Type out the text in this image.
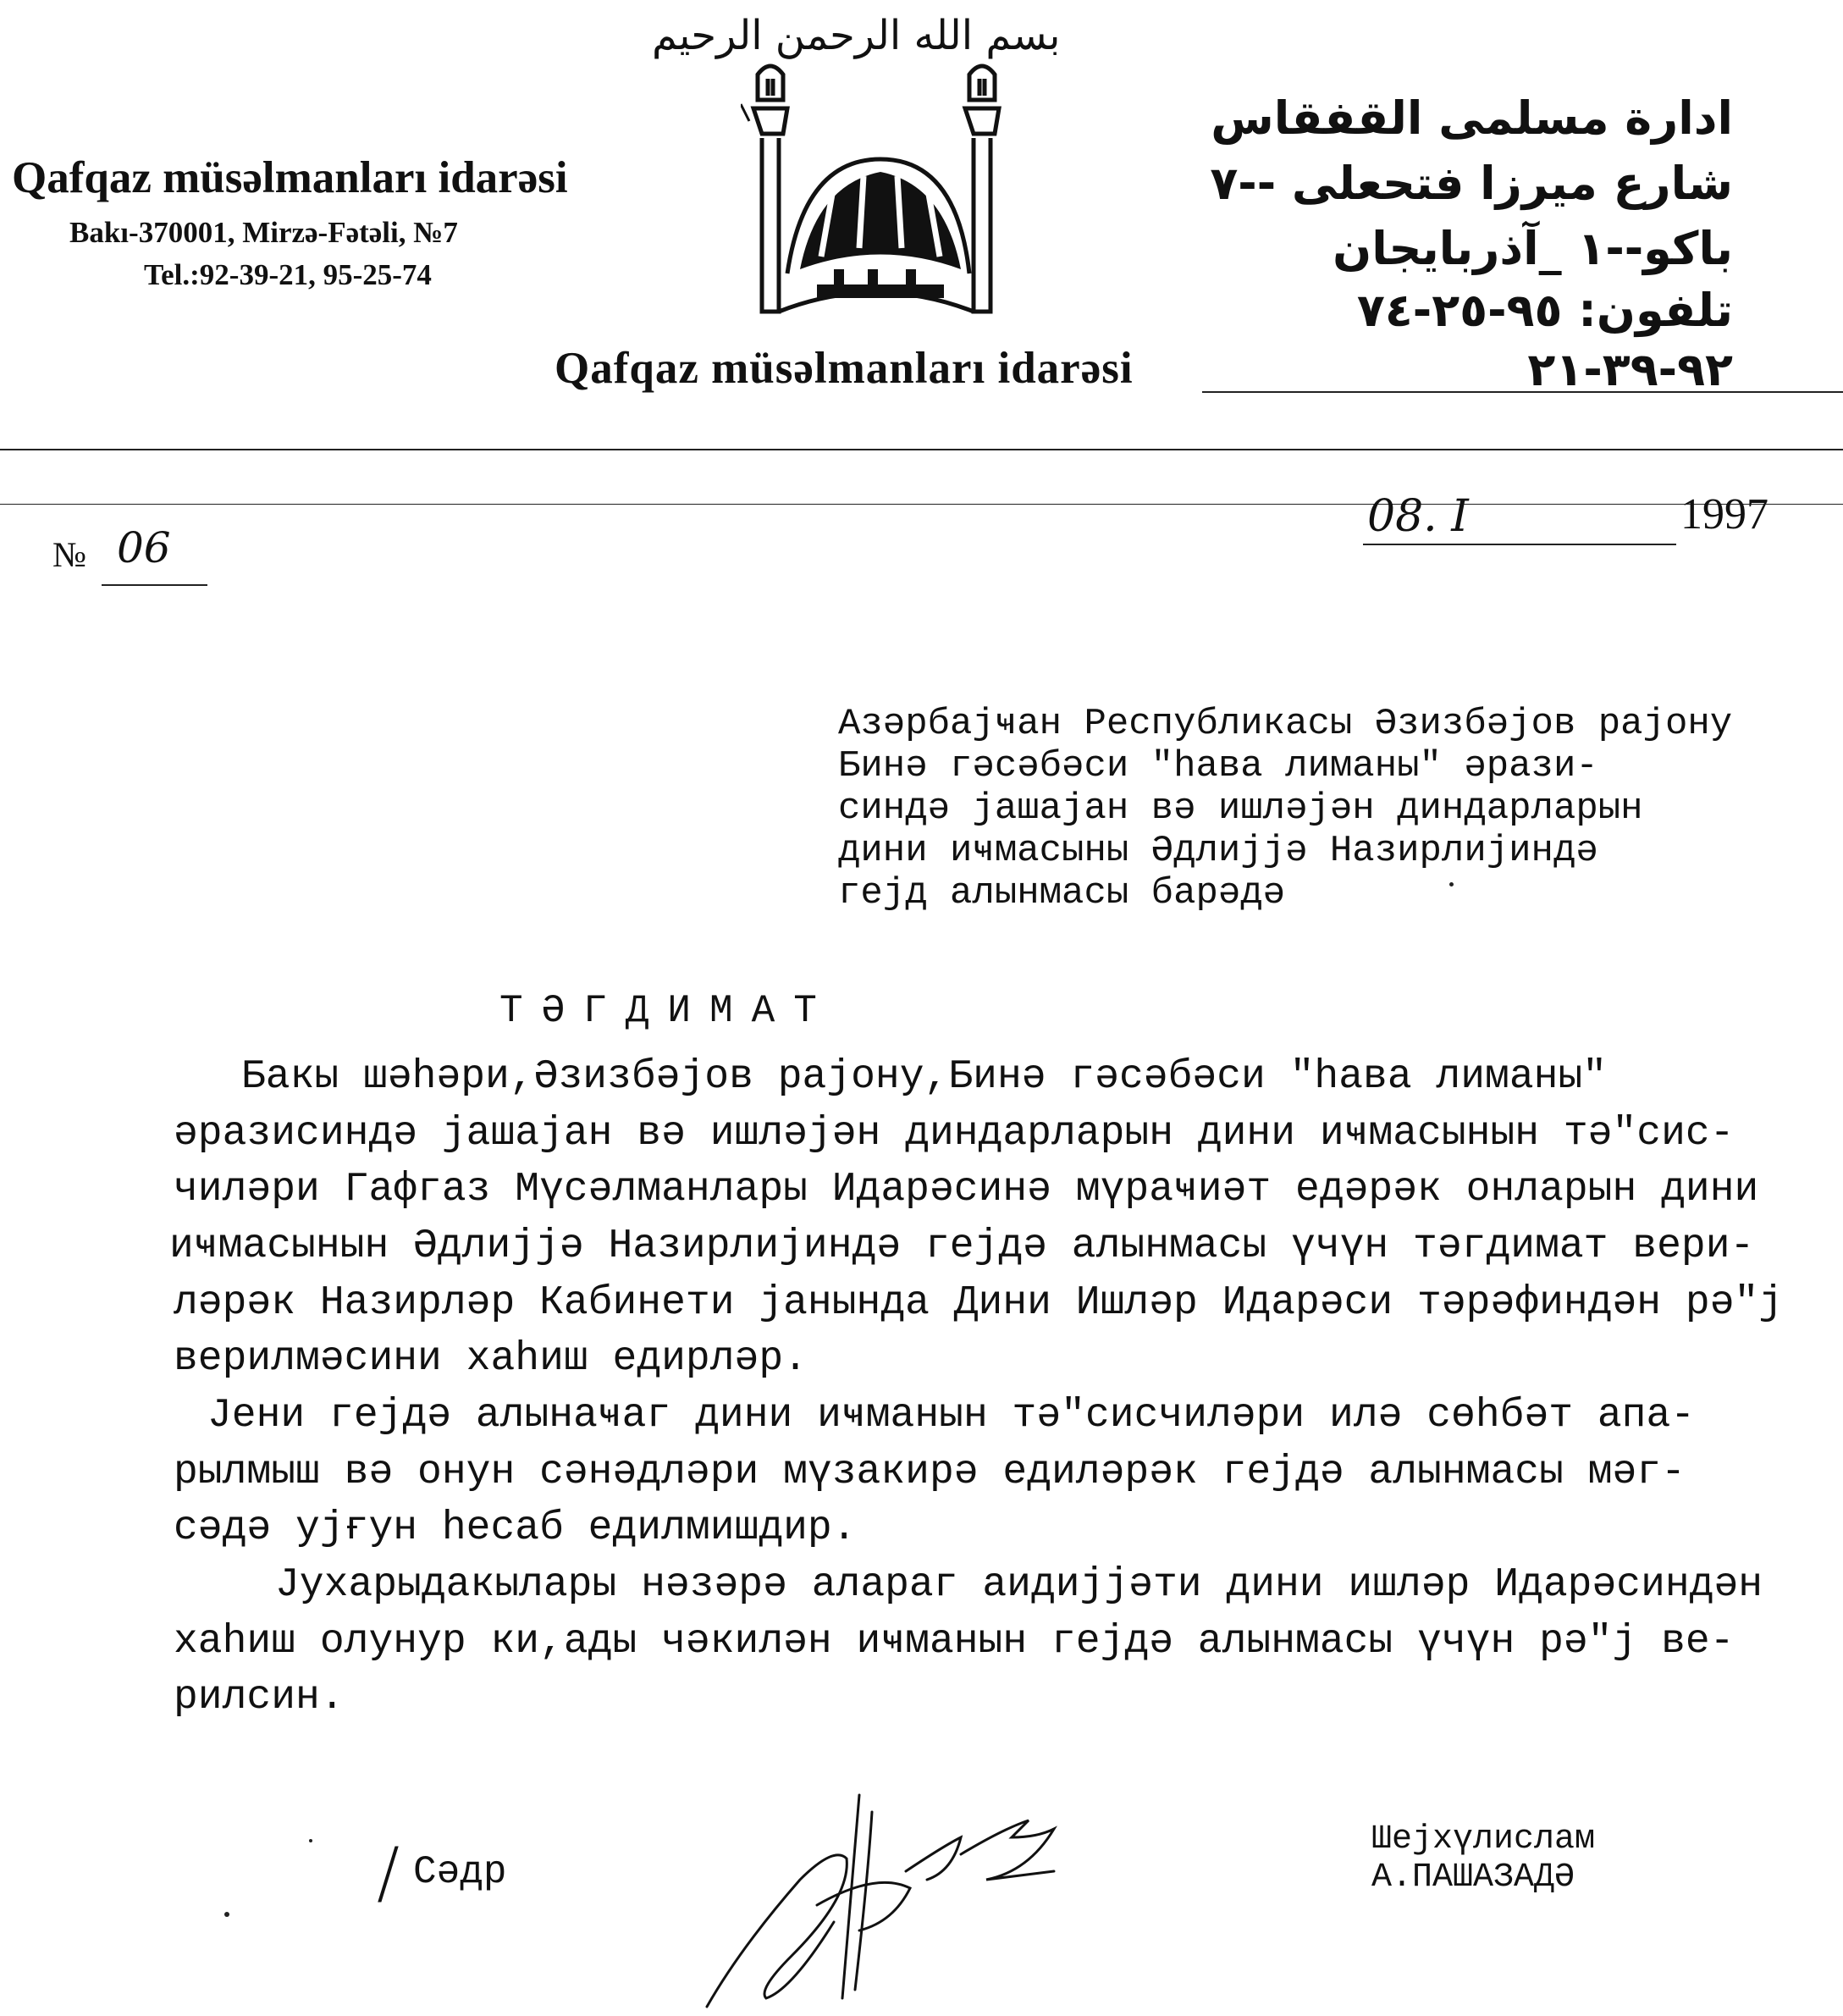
Qafqaz müsəlmanları idarəsi
Bakı-370001, Mirzə-Fətəli, №7
Tel.:92-39-21, 95-25-74
بسم الله الرحمن الرحيم
Qafqaz müsəlmanları idarəsi
ادارة مسلمی القفقاس
شارع میرزا فتحعلی --٧
باکو--١ _آذربايجان
تلفون: ٩٥-٢٥-٧٤
٩٢-٣٩-٢١
№ 06
08. I	1997
Азәрбајҹан Республикасы Әзизбәјов рајону
Бинә гәсәбәси "hава лиманы" әрази-
синдә јашајан вә ишләјән диндарларын
дини иҹмасыны Әдлијјә Назирлијиндә
гејд алынмасы барәдә
ТӘГДИМАТ
Бакы шәhәри,Әзизбәјов рајону,Бинә гәсәбәси "hава лиманы"
әразисиндә јашајан вә ишләјән диндарларын дини иҹмасынын тә"сис-
чиләри Гафгаз Мүсәлманлары Идарәсинә мүраҹиәт едәрәк онларын дини
иҹмасынын Әдлијјә Назирлијиндә гејдә алынмасы үчүн тәгдимат вери-
ләрәк Назирләр Кабинети јанында Дини Ишләр Идарәси тәрәфиндән рә"ј
верилмәсини хаhиш едирләр.
Јени гејдә алынаҹаг дини иҹманын тә"сисчиләри илә сөhбәт апа-
рылмыш вә онун сәнәдләри мүзакирә едиләрәк гејдә алынмасы мәг-
сәдә ујғун hесаб едилмишдир.
Јухарыдакылары нәзәрә алараг аидијјәти дини ишләр Идарәсиндән
хаhиш олунур ки,ады чәкилән иҹманын гејдә алынмасы үчүн рә"ј ве-
рилсин.
/ Сәдр
Шејхүлислам
А.ПАШАЗАДӘ
